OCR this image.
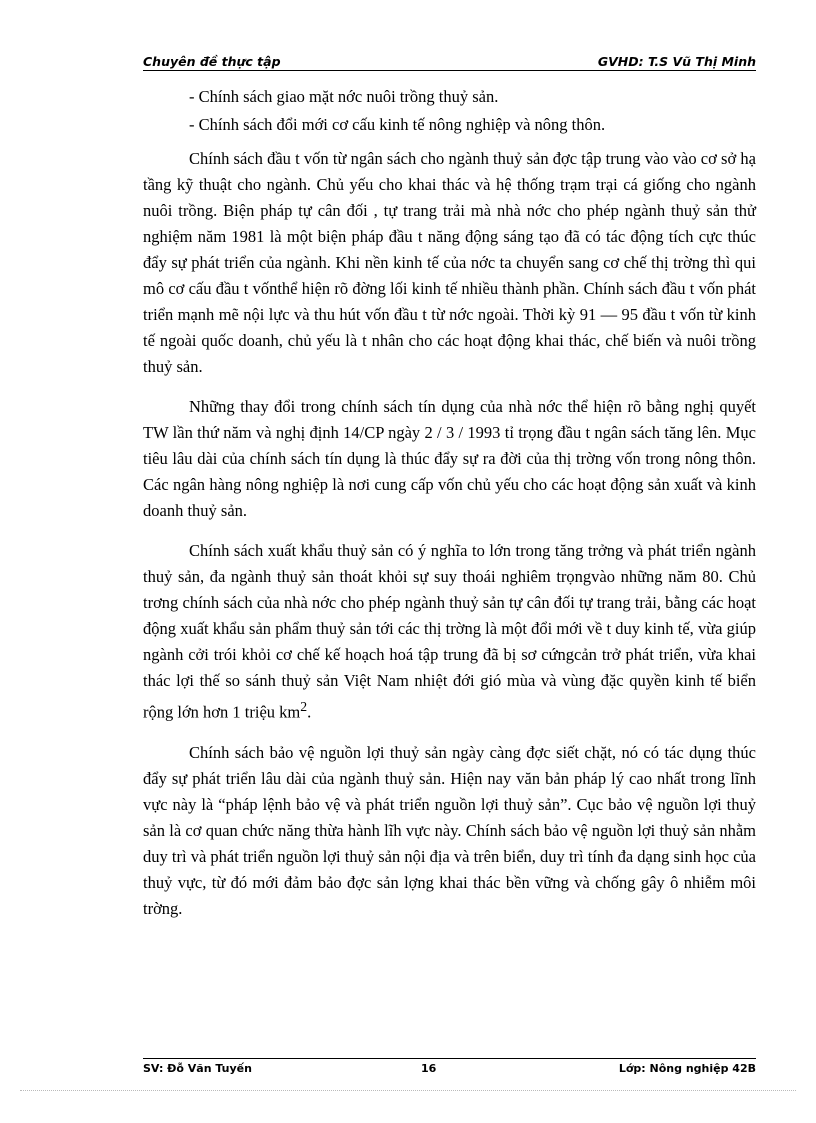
Chuyên đề thực tập	GVHD: T.S Vũ Thị Minh

- Chính sách giao mặt nớc nuôi trồng thuỷ sản.

- Chính sách đổi mới cơ cấu kinh tế nông nghiệp và nông thôn.

Chính sách đầu t vốn từ ngân sách cho ngành thuỷ sản đợc tập trung vào vào cơ sở hạ tầng kỹ thuật cho ngành. Chủ yếu cho khai thác và hệ thống trạm trại cá giống cho ngành nuôi trồng. Biện pháp tự cân đối , tự trang trải mà nhà nớc cho phép ngành thuỷ sản thử nghiệm năm 1981 là một biện pháp đầu t năng động sáng tạo đã có tác động tích cực thúc đẩy sự phát triển của ngành. Khi nền kinh tế của nớc ta chuyển sang cơ chế thị trờng thì qui mô cơ cấu đầu t vốnthể hiện rõ đờng lối kinh tế nhiều thành phần. Chính sách đầu t vốn phát triển mạnh mẽ nội lực và thu hút vốn đầu t từ nớc ngoài. Thời kỳ 91 — 95 đầu t vốn từ kinh tế ngoài quốc doanh, chủ yếu là t nhân cho các hoạt động khai thác, chế biến và nuôi trồng thuỷ sản.

Những thay đổi trong chính sách tín dụng của nhà nớc thể hiện rõ bằng nghị quyết TW lần thứ năm và nghị định 14/CP ngày 2 / 3 / 1993 tỉ trọng đầu t ngân sách tăng lên. Mục tiêu lâu dài của chính sách tín dụng là thúc đẩy sự ra đời của thị trờng vốn trong nông thôn. Các ngân hàng nông nghiệp là nơi cung cấp vốn chủ yếu cho các hoạt động sản xuất và kinh doanh thuỷ sản.

Chính sách xuất khẩu thuỷ sản có ý nghĩa to lớn trong tăng trởng và phát triển ngành thuỷ sản, đa ngành thuỷ sản thoát khỏi sự suy thoái nghiêm trọngvào những năm 80. Chủ trơng chính sách của nhà nớc cho phép ngành thuỷ sản tự cân đối tự trang trải, bằng các hoạt động xuất khẩu sản phẩm thuỷ sản tới các thị trờng là một đổi mới về t duy kinh tế, vừa giúp ngành cởi trói khỏi cơ chế kế hoạch hoá tập trung đã bị sơ cứngcản trở phát triển, vừa khai thác lợi thế so sánh thuỷ sản Việt Nam nhiệt đới gió mùa và vùng đặc quyền kinh tế biển rộng lớn hơn 1 triệu $km^2$.

Chính sách bảo vệ nguồn lợi thuỷ sản ngày càng đợc siết chặt, nó có tác dụng thúc đẩy sự phát triển lâu dài của ngành thuỷ sản. Hiện nay văn bản pháp lý cao nhất trong lĩnh vực này là “pháp lệnh bảo vệ và phát triển nguồn lợi thuỷ sản”. Cục bảo vệ nguồn lợi thuỷ sản là cơ quan chức năng thừa hành lĩh vực này. Chính sách bảo vệ nguồn lợi thuỷ sản nhằm duy trì và phát triển nguồn lợi thuỷ sản nội địa và trên biển, duy trì tính đa dạng sinh học của thuỷ vực, từ đó mới đảm bảo đợc sản lợng khai thác bền vững và chống gây ô nhiễm môi trờng.

SV: Đỗ Văn Tuyến	16	Lớp: Nông nghiệp 42B
